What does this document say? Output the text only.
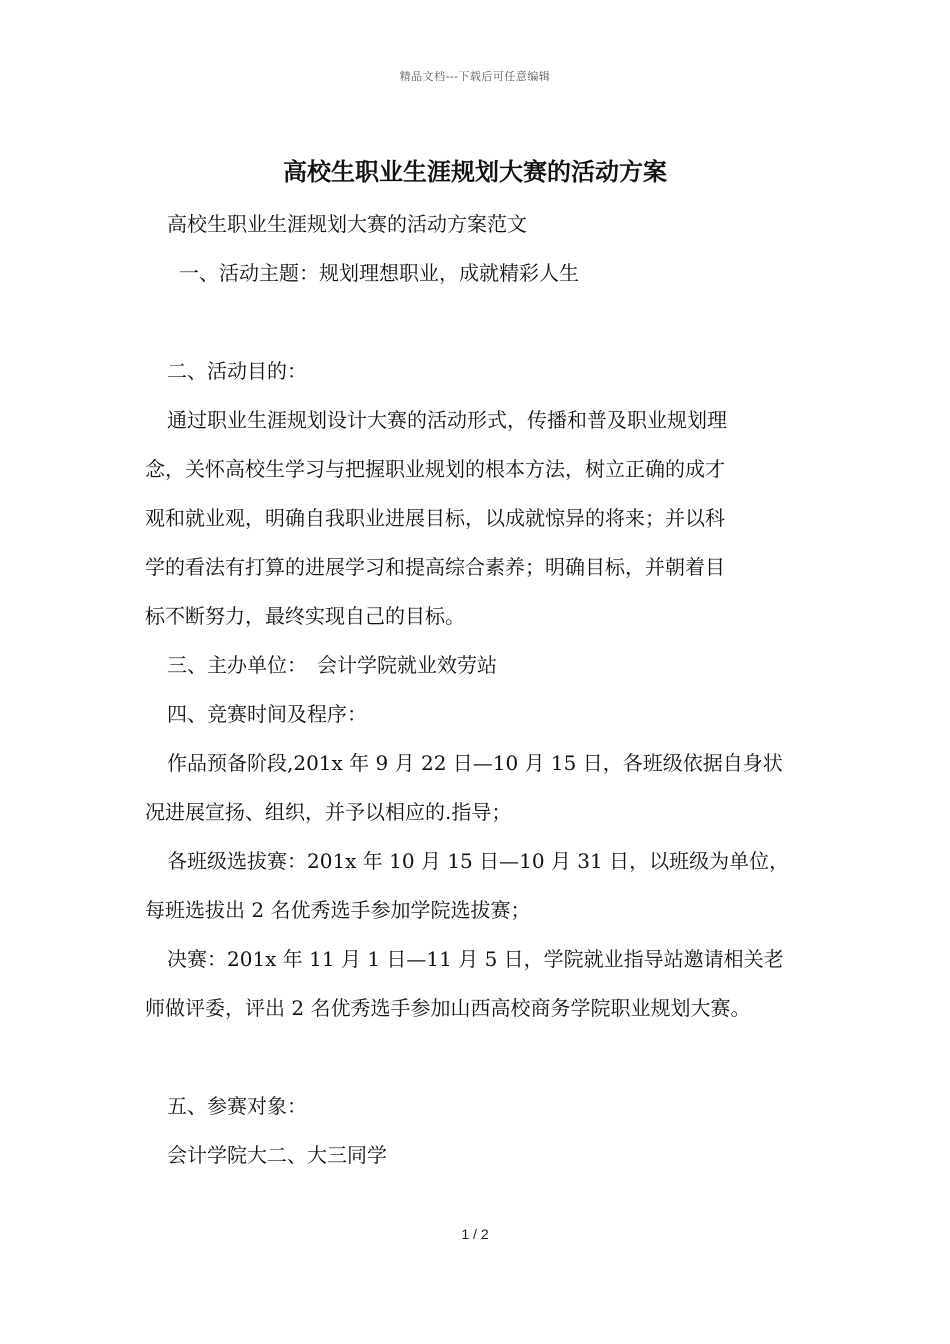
精品文档---下载后可任意编辑
高校生职业生涯规划大赛的活动方案

高校生职业生涯规划大赛的活动方案范文

一、活动主题：规划理想职业，成就精彩人生

二、活动目的：

通过职业生涯规划设计大赛的活动形式，传播和普及职业规划理

念，关怀高校生学习与把握职业规划的根本方法，树立正确的成才

观和就业观，明确自我职业进展目标，以成就惊异的将来；并以科

学的看法有打算的进展学习和提高综合素养；明确目标，并朝着目

标不断努力，最终实现自己的目标。

三、主办单位：　会计学院就业效劳站

四、竞赛时间及程序：

作品预备阶段,201x 年 9 月 22 日—10 月 15 日，各班级依据自身状

况进展宣扬、组织，并予以相应的.指导；

各班级选拔赛：201x 年 10 月 15 日—10 月 31 日，以班级为单位，

每班选拔出 2 名优秀选手参加学院选拔赛；

决赛：201x 年 11 月 1 日—11 月 5 日，学院就业指导站邀请相关老

师做评委，评出 2 名优秀选手参加山西高校商务学院职业规划大赛。

五、参赛对象：

会计学院大二、大三同学

1 / 2
